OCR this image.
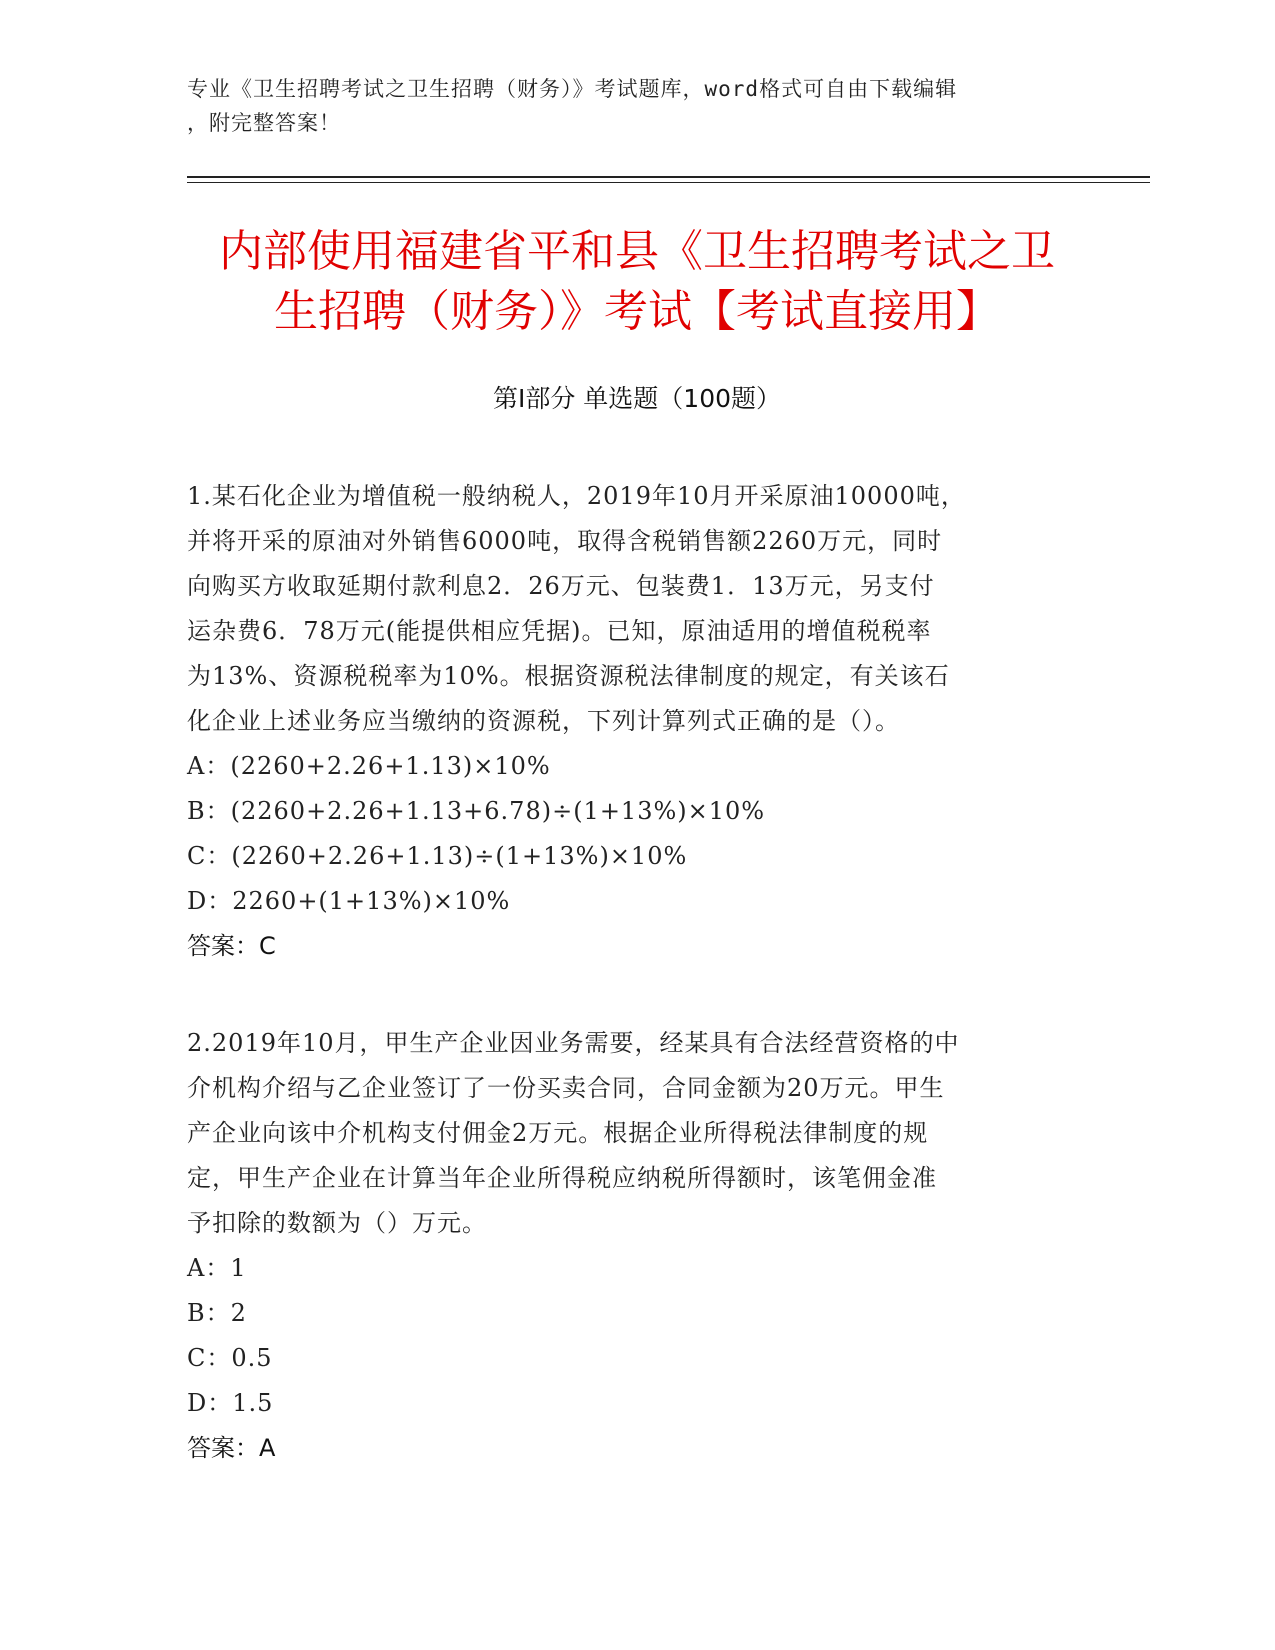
专业《卫生招聘考试之卫生招聘（财务）》考试题库，word格式可自由下载编辑
，附完整答案！
内部使用福建省平和县《卫生招聘考试之卫
生招聘（财务）》考试【考试直接用】
第I部分 单选题（100题）
1.某石化企业为增值税一般纳税人，2019年10月开采原油10000吨，
并将开采的原油对外销售6000吨，取得含税销售额2260万元，同时
向购买方收取延期付款利息2．26万元、包装费1．13万元，另支付
运杂费6．78万元(能提供相应凭据)。已知，原油适用的增值税税率
为13%、资源税税率为10%。根据资源税法律制度的规定，有关该石
化企业上述业务应当缴纳的资源税，下列计算列式正确的是（）。
A：(2260+2.26+1.13)×10%
B：(2260+2.26+1.13+6.78)÷(1+13%)×10%
C：(2260+2.26+1.13)÷(1+13%)×10%
D：2260+(1+13%)×10%
答案：C
2.2019年10月，甲生产企业因业务需要，经某具有合法经营资格的中
介机构介绍与乙企业签订了一份买卖合同，合同金额为20万元。甲生
产企业向该中介机构支付佣金2万元。根据企业所得税法律制度的规
定，甲生产企业在计算当年企业所得税应纳税所得额时，该笔佣金准
予扣除的数额为（）万元。
A：1
B：2
C：0.5
D：1.5
答案：A
